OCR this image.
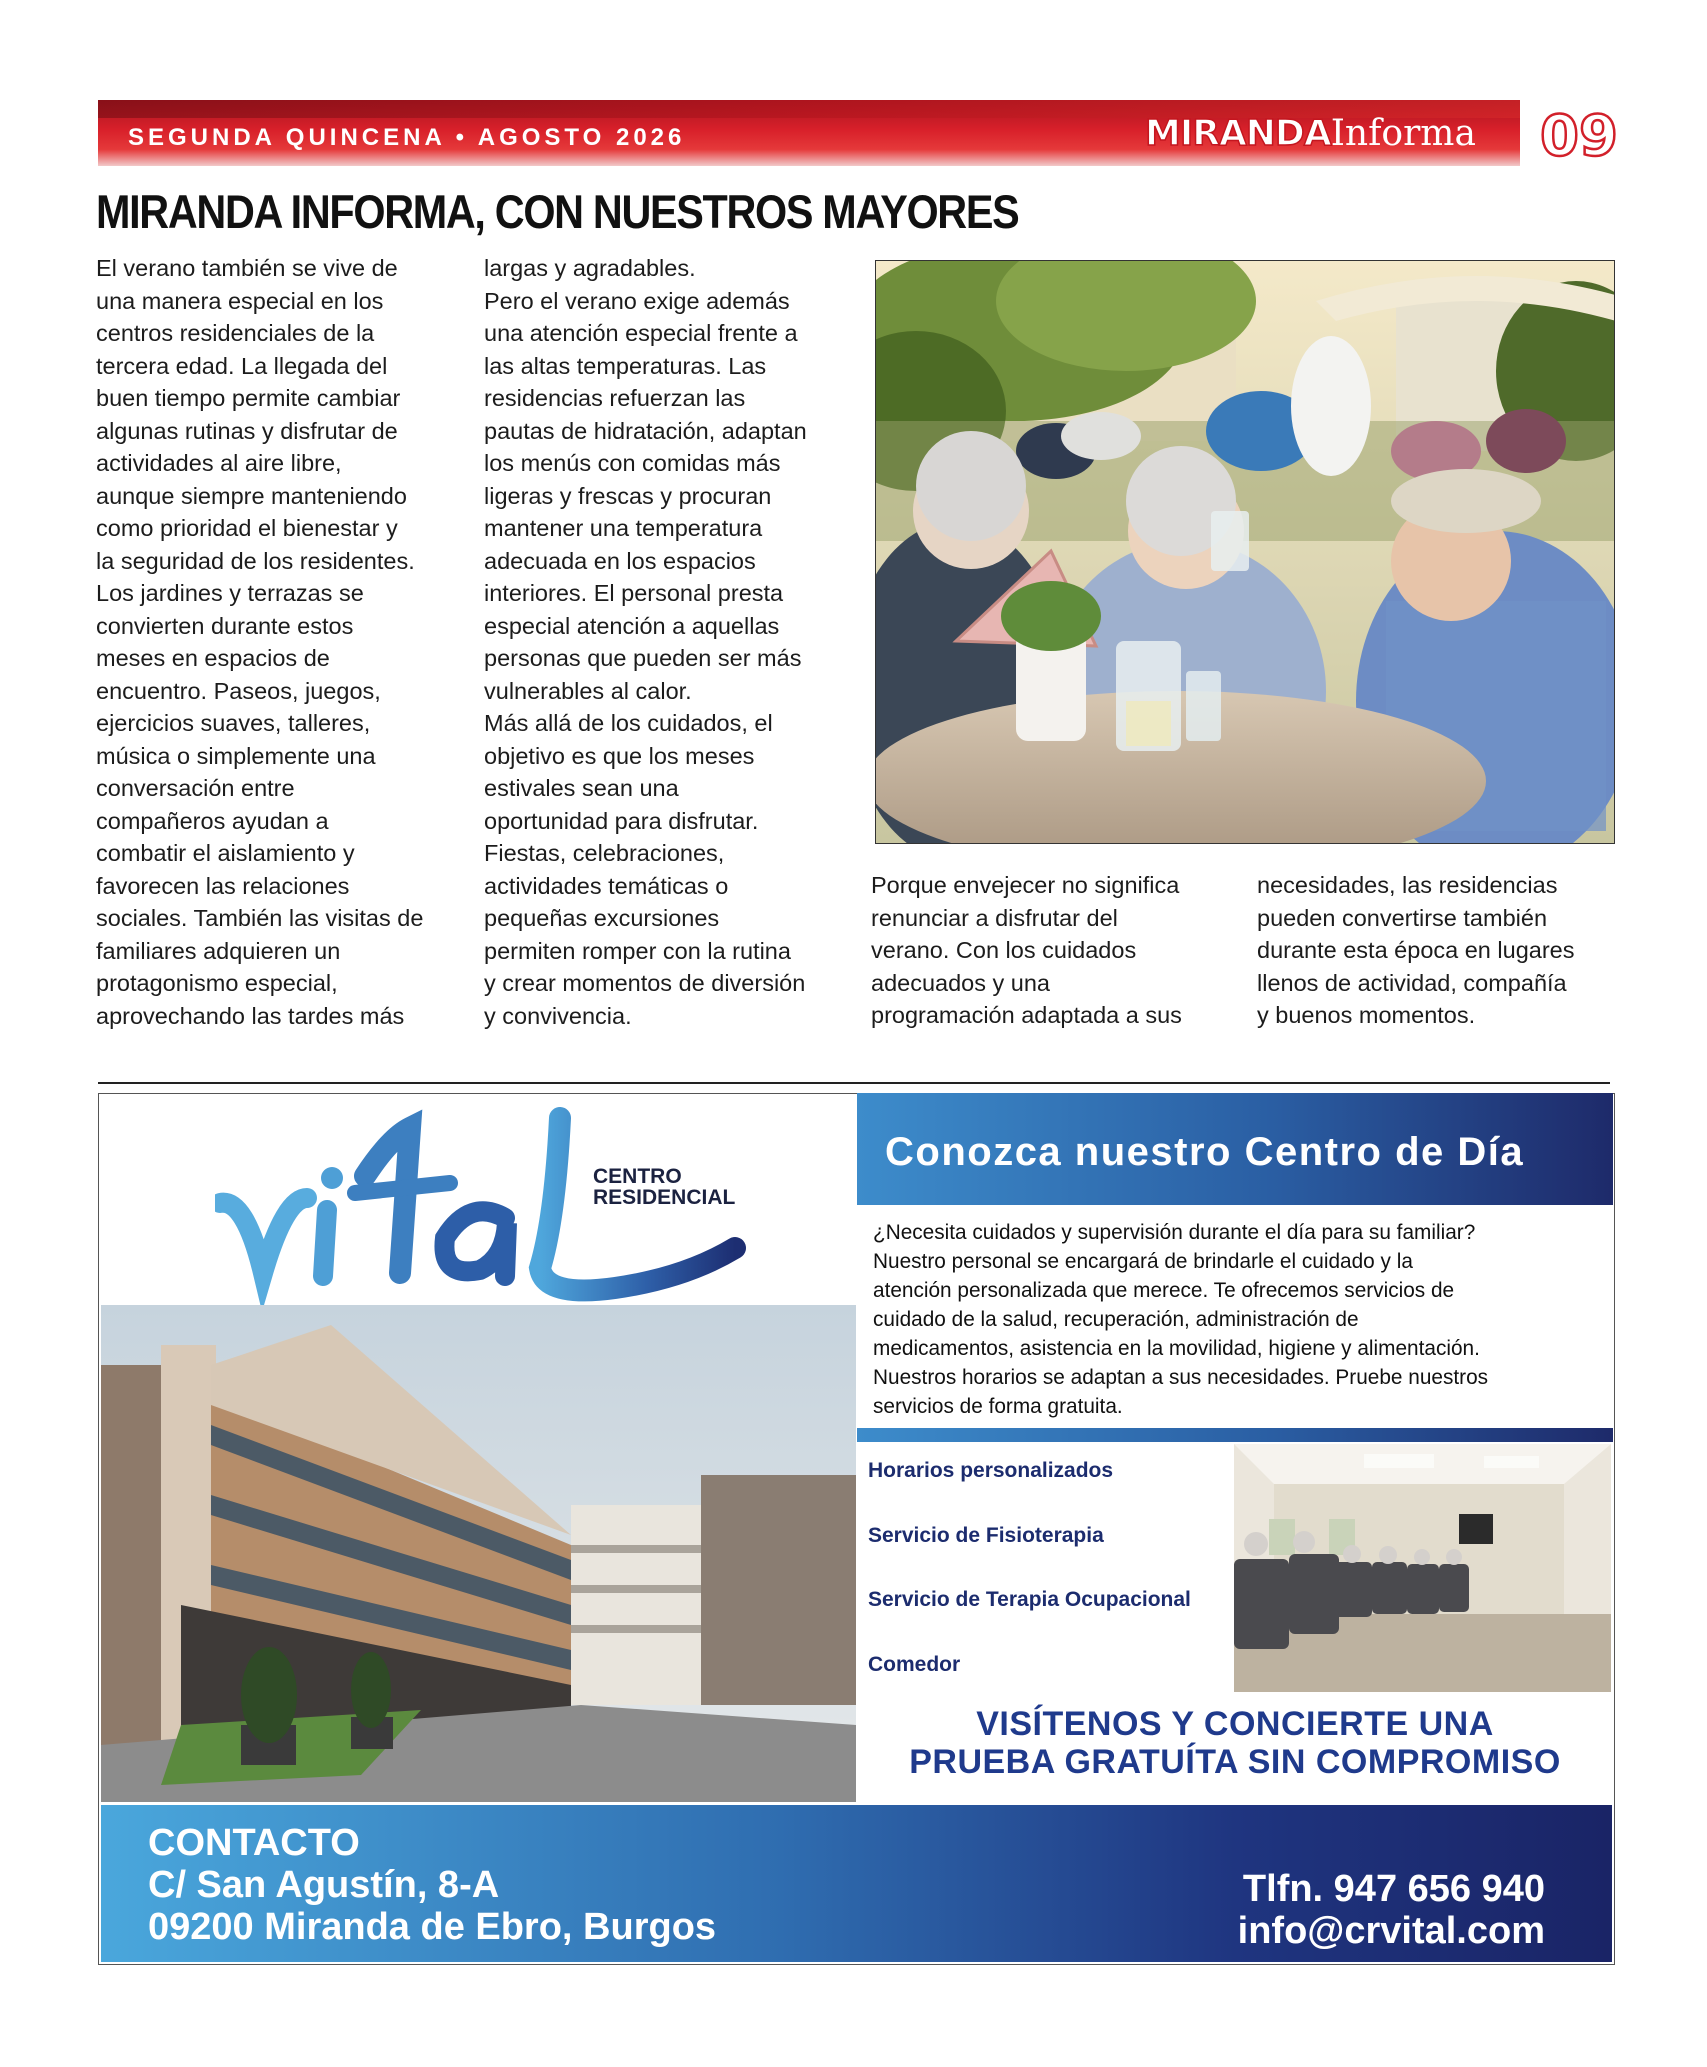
SEGUNDA QUINCENA • AGOSTO 2026	MIRANDAInforma 09
MIRANDA INFORMA, CON NUESTROS MAYORES

El verano también se vive de

una manera especial en los

centros residenciales de la

tercera edad. La llegada del

buen tiempo permite cambiar

algunas rutinas y disfrutar de

actividades al aire libre,

aunque siempre manteniendo

como prioridad el bienestar y

la seguridad de los residentes.

Los jardines y terrazas se

convierten durante estos

meses en espacios de

encuentro. Paseos, juegos,

ejercicios suaves, talleres,

música o simplemente una

conversación entre

compañeros ayudan a

combatir el aislamiento y

favorecen las relaciones

sociales. También las visitas de

familiares adquieren un

protagonismo especial,

aprovechando las tardes más

largas y agradables.

Pero el verano exige además

una atención especial frente a

las altas temperaturas. Las

residencias refuerzan las

pautas de hidratación, adaptan

los menús con comidas más

ligeras y frescas y procuran

mantener una temperatura

adecuada en los espacios

interiores. El personal presta

especial atención a aquellas

personas que pueden ser más

vulnerables al calor.

Más allá de los cuidados, el

objetivo es que los meses

estivales sean una

oportunidad para disfrutar.

Fiestas, celebraciones,

actividades temáticas o

pequeñas excursiones

permiten romper con la rutina

y crear momentos de diversión

y convivencia.

Porque envejecer no significa

renunciar a disfrutar del

verano. Con los cuidados

adecuados y una

programación adaptada a sus

necesidades, las residencias

pueden convertirse también

durante esta época en lugares

llenos de actividad, compañía

y buenos momentos.

CENTRO
RESIDENCIAL
Conozca nuestro Centro de Día

¿Necesita cuidados y supervisión durante el día para su familiar?

Nuestro personal se encargará de brindarle el cuidado y la

atención personalizada que merece. Te ofrecemos servicios de

cuidado de la salud, recuperación, administración de

medicamentos, asistencia en la movilidad, higiene y alimentación.

Nuestros horarios se adaptan a sus necesidades. Pruebe nuestros

servicios de forma gratuita.

Horarios personalizados
Servicio de Fisioterapia
Servicio de Terapia Ocupacional
Comedor
VISÍTENOS Y CONCIERTE UNA
PRUEBA GRATUÍTA SIN COMPROMISO
CONTACTO
C/ San Agustín, 8-A
09200 Miranda de Ebro, Burgos
Tlfn. 947 656 940
info@crvital.com
